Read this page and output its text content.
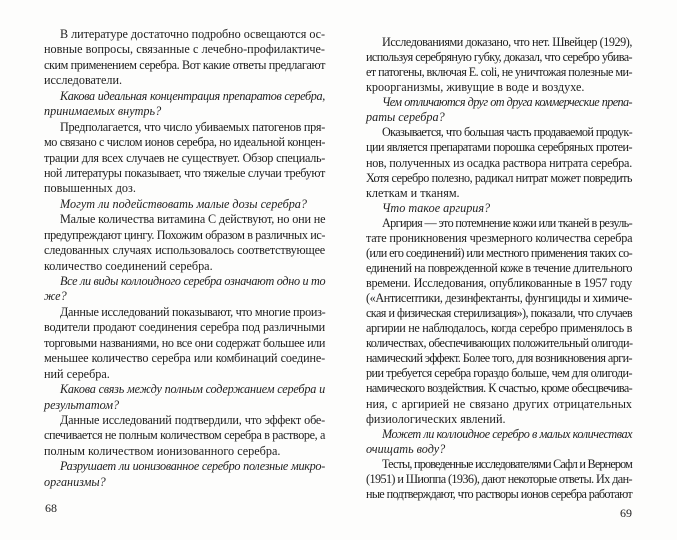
В литературе достаточно подробно освещаются ос-
новные вопросы, связанные с лечебно-профилактиче-
ским применением серебра. Вот какие ответы предлагают
исследователи.
Какова идеальная концентрация препаратов серебра,
принимаемых внутрь?
Предполагается, что число убиваемых патогенов пря-
мо связано с числом ионов серебра, но идеальной концен-
трации для всех случаев не существует. Обзор специаль-
ной литературы показывает, что тяжелые случаи требуют
повышенных доз.
Могут ли подействовать малые дозы серебра?
Малые количества витамина С действуют, но они не
предупреждают цингу. Похожим образом в различных ис-
следованных случаях использовалось соответствующее
количество соединений серебра.
Все ли виды коллоидного серебра означают одно и то
же?
Данные исследований показывают, что многие произ-
водители продают соединения серебра под различными
торговыми названиями, но все они содержат большее или
меньшее количество серебра или комбинаций соедине-
ний серебра.
Какова связь между полным содержанием серебра и
результатом?
Данные исследований подтвердили, что эффект обе-
спечивается не полным количеством серебра в растворе, а
полным количеством ионизованного серебра.
Разрушает ли ионизованное серебро полезные микро-
организмы?
68
Исследованиями доказано, что нет. Швейцер (1929),
используя серебряную губку, доказал, что серебро убива-
ет патогены, включая E. coli, не уничтожая полезные ми-
кроорганизмы, живущие в воде и воздухе.
Чем отличаются друг от друга коммерческие препа-
раты серебра?
Оказывается, что большая часть продаваемой продук-
ции является препаратами порошка серебряных протеи-
нов, полученных из осадка раствора нитрата серебра.
Хотя серебро полезно, радикал нитрат может повредить
клеткам и тканям.
Что такое аргирия?
Аргирия — это потемнение кожи или тканей в резуль-
тате проникновения чрезмерного количества серебра
(или его соединений) или местного применения таких со-
единений на поврежденной коже в течение длительного
времени. Исследования, опубликованные в 1957 году
(«Антисептики, дезинфектанты, фунгициды и химиче-
ская и физическая стерилизация»), показали, что случаев
аргирии не наблюдалось, когда серебро применялось в
количествах, обеспечивающих положительный олигоди-
намический эффект. Более того, для возникновения арги-
рии требуется серебра гораздо больше, чем для олигоди-
намического воздействия. К счастью, кроме обесцвечива-
ния, с аргирией не связано других отрицательных
физиологических явлений.
Может ли коллоидное серебро в малых количествах
очищать воду?
Тесты, проведенные исследователями Сафл и Вернером
(1951) и Шиоппа (1936), дают некоторые ответы. Их дан-
ные подтверждают, что растворы ионов серебра работают
69
